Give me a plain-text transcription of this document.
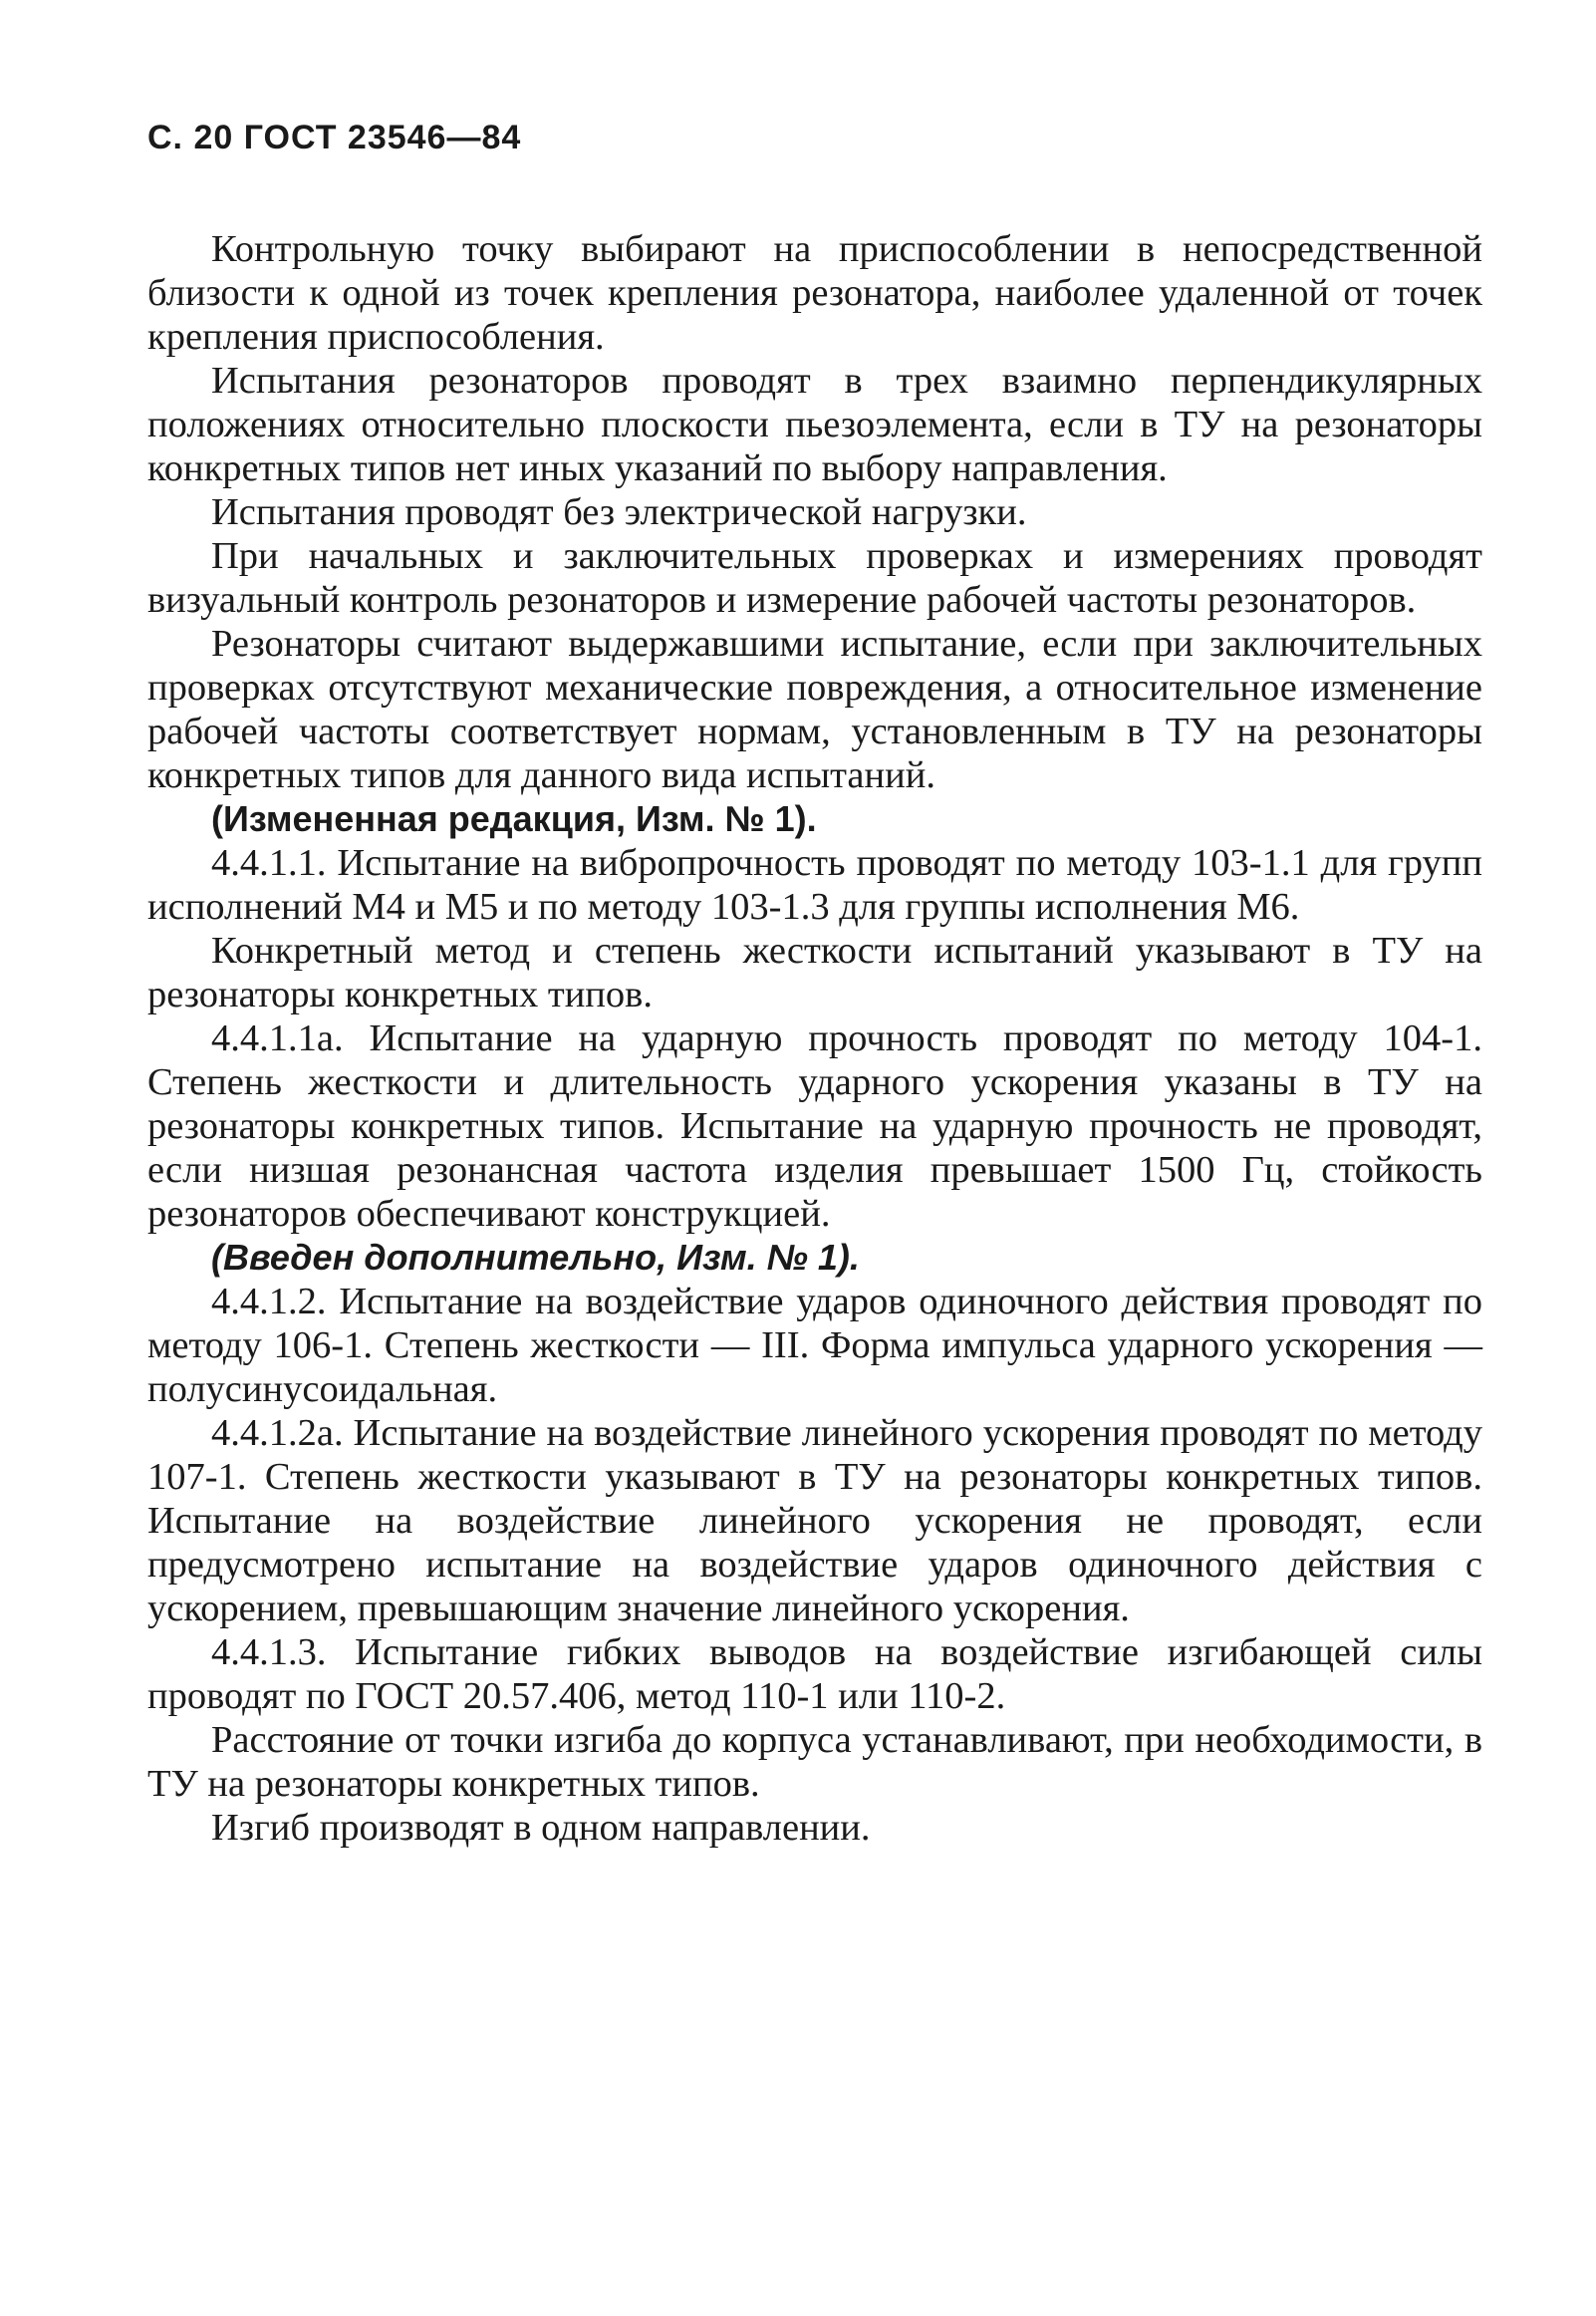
С. 20 ГОСТ 23546—84

Контрольную точку выбирают на приспособлении в непосредственной близости к одной из точек крепления резонатора, наиболее удаленной от точек крепления приспособления.

Испытания резонаторов проводят в трех взаимно перпендикулярных положениях относительно плоскости пьезоэлемента, если в ТУ на резонаторы конкретных типов нет иных указаний по выбору направления.

Испытания проводят без электрической нагрузки.

При начальных и заключительных проверках и измерениях проводят визуальный контроль резонаторов и измерение рабочей частоты резонаторов.

Резонаторы считают выдержавшими испытание, если при заключительных проверках отсутствуют механические повреждения, а относительное изменение рабочей частоты соответствует нормам, установленным в ТУ на резонаторы конкретных типов для данного вида испытаний.

(Измененная редакция, Изм. № 1).

4.4.1.1. Испытание на вибропрочность проводят по методу 103-1.1 для групп исполнений М4 и М5 и по методу 103-1.3 для группы исполнения М6.

Конкретный метод и степень жесткости испытаний указывают в ТУ на резонаторы конкретных типов.

4.4.1.1а. Испытание на ударную прочность проводят по методу 104-1. Степень жесткости и длительность ударного ускорения указаны в ТУ на резонаторы конкретных типов. Испытание на ударную прочность не проводят, если низшая резонансная частота изделия превышает 1500 Гц, стойкость резонаторов обеспечивают конструкцией.

(Введен дополнительно, Изм. № 1).

4.4.1.2. Испытание на воздействие ударов одиночного действия проводят по методу 106-1. Степень жесткости — III. Форма импульса ударного ускорения — полусинусоидальная.

4.4.1.2а. Испытание на воздействие линейного ускорения проводят по методу 107-1. Степень жесткости указывают в ТУ на резонаторы конкретных типов. Испытание на воздействие линейного ускорения не проводят, если предусмотрено испытание на воздействие ударов одиночного действия с ускорением, превышающим значение линейного ускорения.

4.4.1.3. Испытание гибких выводов на воздействие изгибающей силы проводят по ГОСТ 20.57.406, метод 110-1 или 110-2.

Расстояние от точки изгиба до корпуса устанавливают, при необходимости, в ТУ на резонаторы конкретных типов.

Изгиб производят в одном направлении.
